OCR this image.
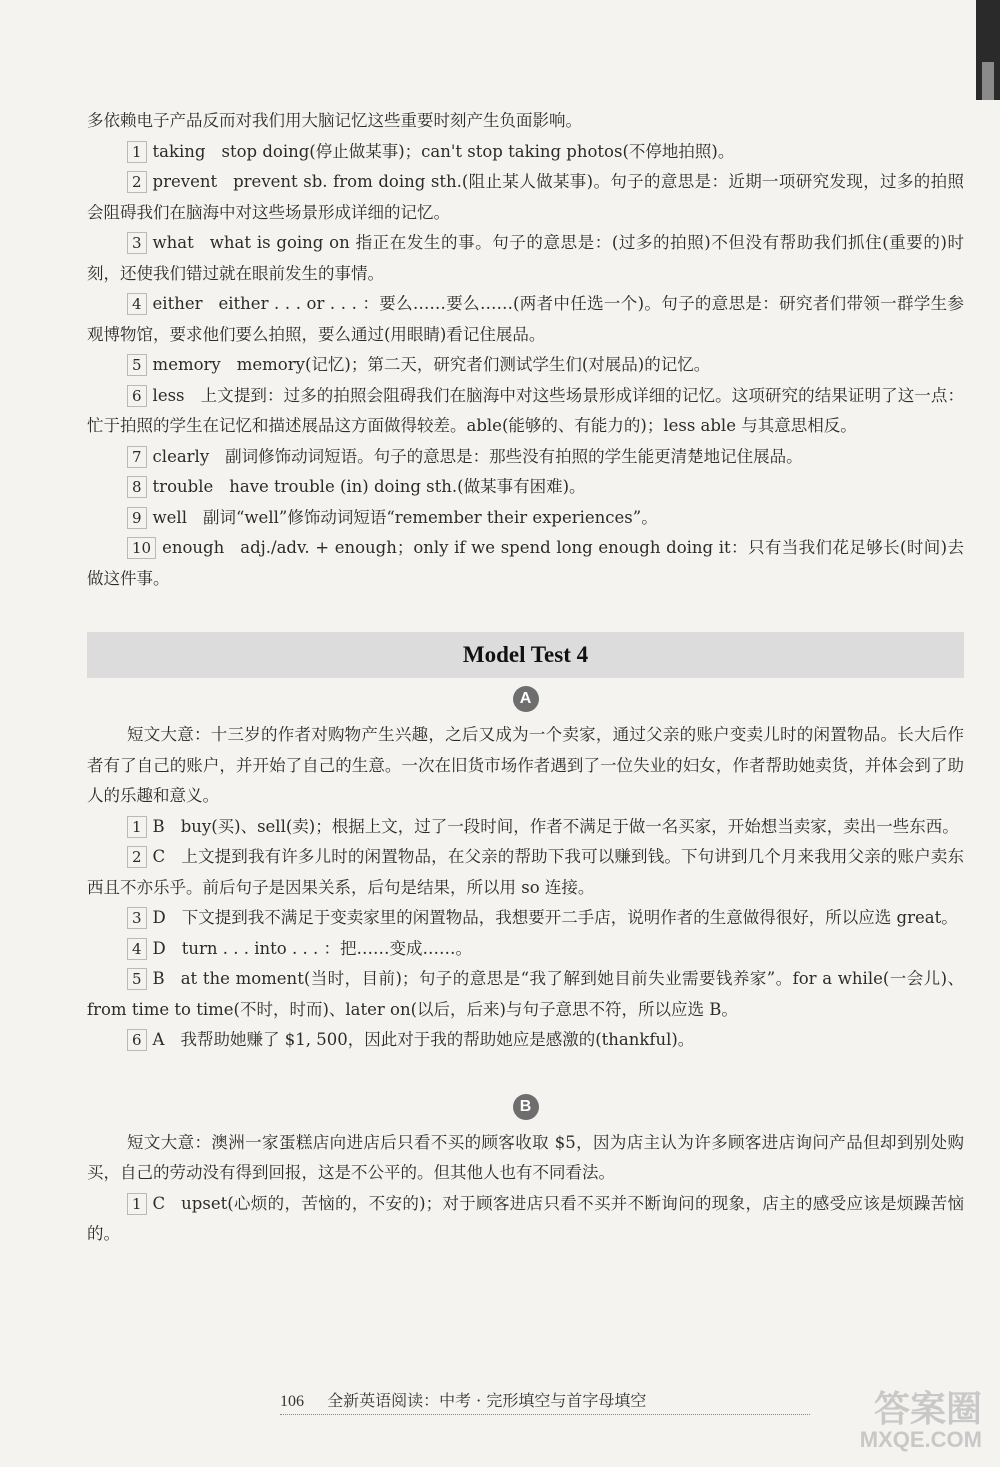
多依赖电子产品反而对我们用大脑记忆这些重要时刻产生负面影响。

1 taking stop doing(停止做某事)；can't stop taking photos(不停地拍照)。

2 prevent prevent sb. from doing sth.(阻止某人做某事)。句子的意思是：近期一项研究发现，过多的拍照会阻碍我们在脑海中对这些场景形成详细的记忆。

3 what what is going on 指正在发生的事。句子的意思是：(过多的拍照)不但没有帮助我们抓住(重要的)时刻，还使我们错过就在眼前发生的事情。

4 either either . . . or . . . ：要么……要么……(两者中任选一个)。句子的意思是：研究者们带领一群学生参观博物馆，要求他们要么拍照，要么通过(用眼睛)看记住展品。

5 memory memory(记忆)；第二天，研究者们测试学生们(对展品)的记忆。

6 less 上文提到：过多的拍照会阻碍我们在脑海中对这些场景形成详细的记忆。这项研究的结果证明了这一点：忙于拍照的学生在记忆和描述展品这方面做得较差。able(能够的、有能力的)；less able 与其意思相反。

7 clearly 副词修饰动词短语。句子的意思是：那些没有拍照的学生能更清楚地记住展品。

8 trouble have trouble (in) doing sth.(做某事有困难)。

9 well 副词“well”修饰动词短语“remember their experiences”。

10 enough adj./adv. + enough；only if we spend long enough doing it：只有当我们花足够长(时间)去做这件事。

Model Test 4
A

短文大意：十三岁的作者对购物产生兴趣，之后又成为一个卖家，通过父亲的账户变卖儿时的闲置物品。长大后作者有了自己的账户，并开始了自己的生意。一次在旧货市场作者遇到了一位失业的妇女，作者帮助她卖货，并体会到了助人的乐趣和意义。

1 B buy(买)、sell(卖)；根据上文，过了一段时间，作者不满足于做一名买家，开始想当卖家，卖出一些东西。

2 C 上文提到我有许多儿时的闲置物品，在父亲的帮助下我可以赚到钱。下句讲到几个月来我用父亲的账户卖东西且不亦乐乎。前后句子是因果关系，后句是结果，所以用 so 连接。

3 D 下文提到我不满足于变卖家里的闲置物品，我想要开二手店，说明作者的生意做得很好，所以应选 great。

4 D turn . . . into . . . ：把……变成……。

5 B at the moment(当时，目前)；句子的意思是“我了解到她目前失业需要钱养家”。for a while(一会儿)、from time to time(不时，时而)、later on(以后，后来)与句子意思不符，所以应选 B。

6 A 我帮助她赚了 $1, 500，因此对于我的帮助她应是感激的(thankful)。

B

短文大意：澳洲一家蛋糕店向进店后只看不买的顾客收取 $5，因为店主认为许多顾客进店询问产品但却到别处购买，自己的劳动没有得到回报，这是不公平的。但其他人也有不同看法。

1 C upset(心烦的，苦恼的，不安的)；对于顾客进店只看不买并不断询问的现象，店主的感受应该是烦躁苦恼的。

106 全新英语阅读：中考 · 完形填空与首字母填空	答案圈
MXQE.COM
